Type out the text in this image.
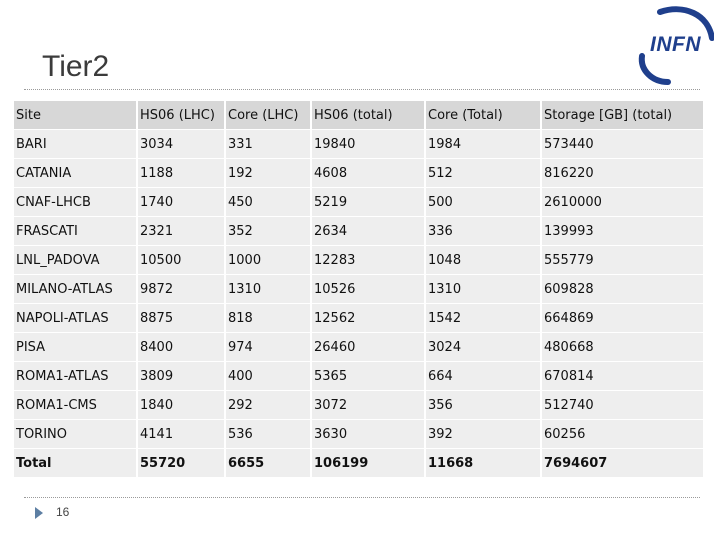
Tier2
INFN
Site	HS06 (LHC)	Core (LHC)	HS06 (total)	Core (Total)	Storage [GB] (total)
BARI	3034	331	19840	1984	573440
CATANIA	1188	192	4608	512	816220
CNAF-LHCB	1740	450	5219	500	2610000
FRASCATI	2321	352	2634	336	139993
LNL_PADOVA	10500	1000	12283	1048	555779
MILANO-ATLAS	9872	1310	10526	1310	609828
NAPOLI-ATLAS	8875	818	12562	1542	664869
PISA	8400	974	26460	3024	480668
ROMA1-ATLAS	3809	400	5365	664	670814
ROMA1-CMS	1840	292	3072	356	512740
TORINO	4141	536	3630	392	60256
Total	55720	6655	106199	11668	7694607
16
